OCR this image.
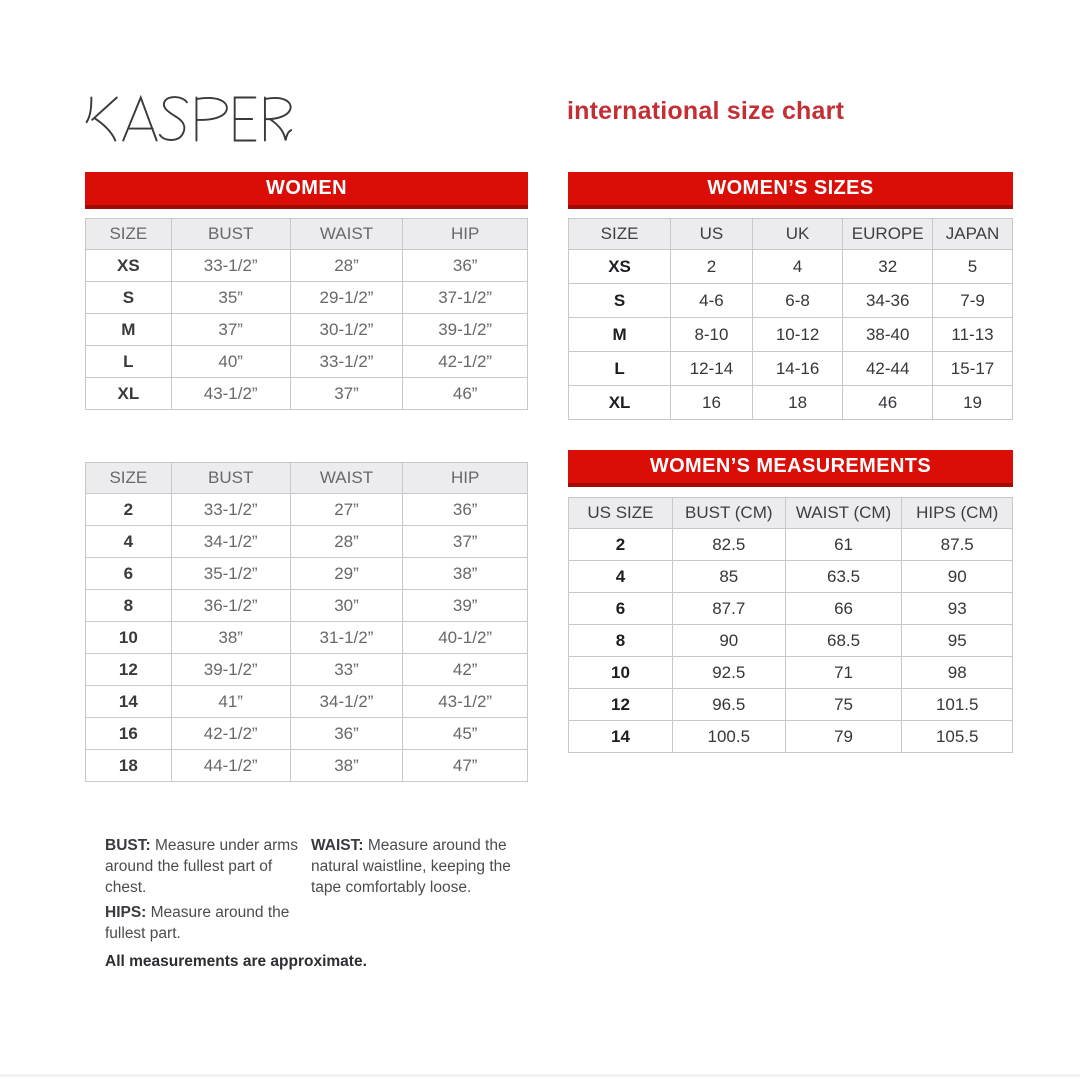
international size chart
WOMEN	WOMEN’S SIZES
WOMEN’S MEASUREMENTS
SIZE	BUST	WAIST	HIP
XS	33-1/2”	28”	36”
S	35”	29-1/2”	37-1/2”
M	37”	30-1/2”	39-1/2”
L	40”	33-1/2”	42-1/2”
XL	43-1/2”	37”	46”
SIZE	BUST	WAIST	HIP
2	33-1/2”	27”	36”
4	34-1/2”	28”	37”
6	35-1/2”	29”	38”
8	36-1/2”	30”	39”
10	38”	31-1/2”	40-1/2”
12	39-1/2”	33”	42”
14	41”	34-1/2”	43-1/2”
16	42-1/2”	36”	45”
18	44-1/2”	38”	47”
SIZE	US	UK	EUROPE	JAPAN
XS	2	4	32	5
S	4-6	6-8	34-36	7-9
M	8-10	10-12	38-40	11-13
L	12-14	14-16	42-44	15-17
XL	16	18	46	19
US SIZE	BUST (CM)	WAIST (CM)	HIPS (CM)
2	82.5	61	87.5
4	85	63.5	90
6	87.7	66	93
8	90	68.5	95
10	92.5	71	98
12	96.5	75	101.5
14	100.5	79	105.5

BUST: Measure under arms around the fullest part of chest.

WAIST: Measure around the natural waistline, keeping the tape comfortably loose.

HIPS: Measure around the fullest part.

All measurements are approximate.
